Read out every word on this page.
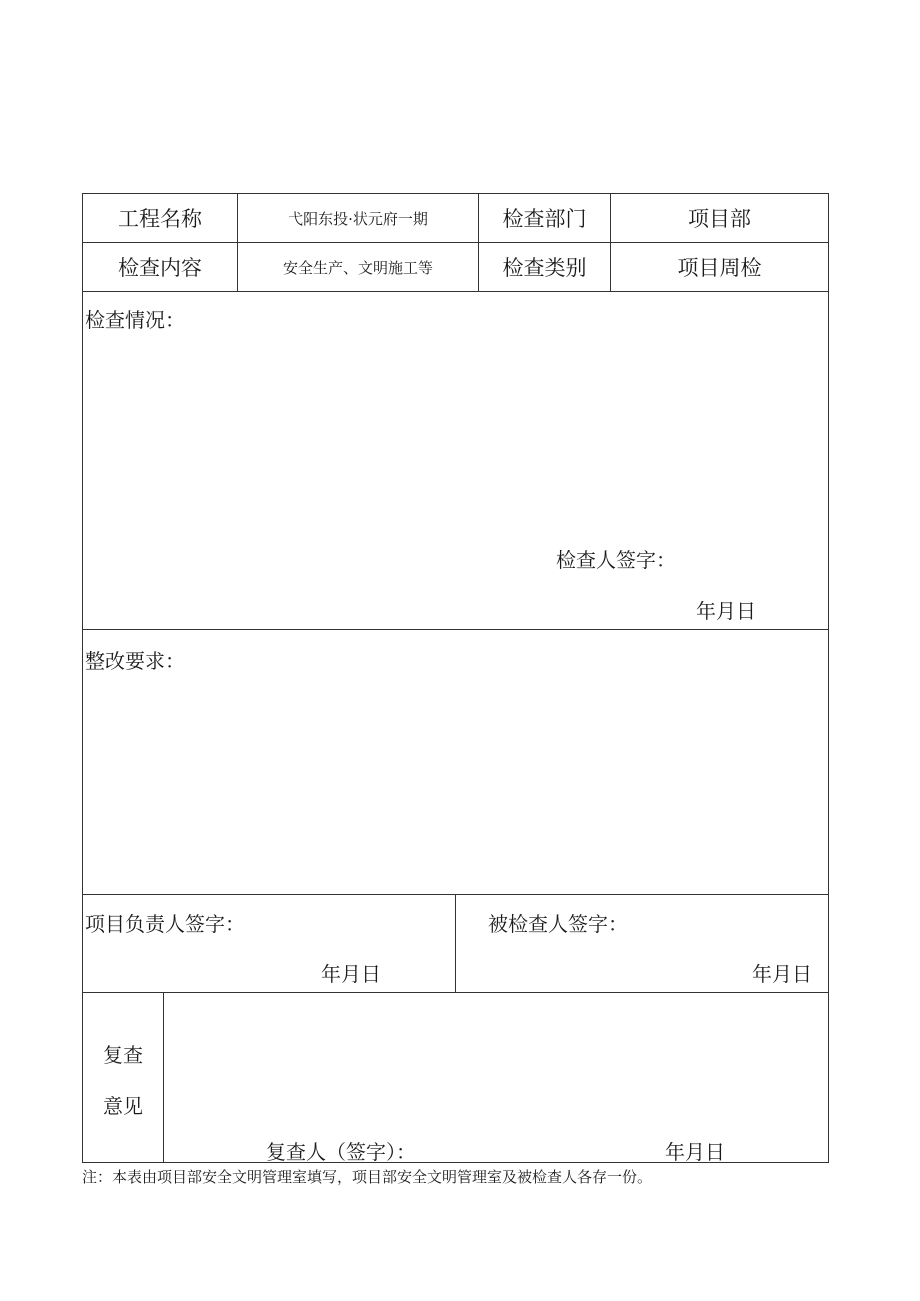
工程名称	弋阳东投·状元府一期	检查部门	项目部
检查内容	安全生产、文明施工等	检查类别	项目周检
检查情况：
检查人签字：
年月日
整改要求：
项目负责人签字：
年月日
被检查人签字：
年月日
复查
意见
复查人（签字）：	年月日
注：本表由项目部安全文明管理室填写，项目部安全文明管理室及被检查人各存一份。
